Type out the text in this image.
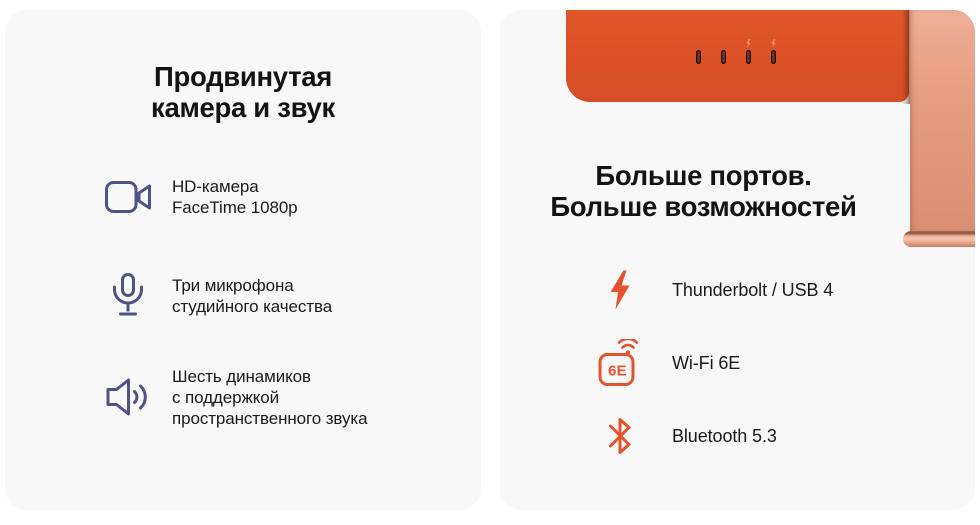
Продвинутая
камера и звук
HD-камера
FaceTime 1080p
Три микрофона
студийного качества
Шесть динамиков
с поддержкой
пространственного звука
Больше портов.
Больше возможностей
Thunderbolt / USB 4
6E	Wi-Fi 6E
Bluetooth 5.3
